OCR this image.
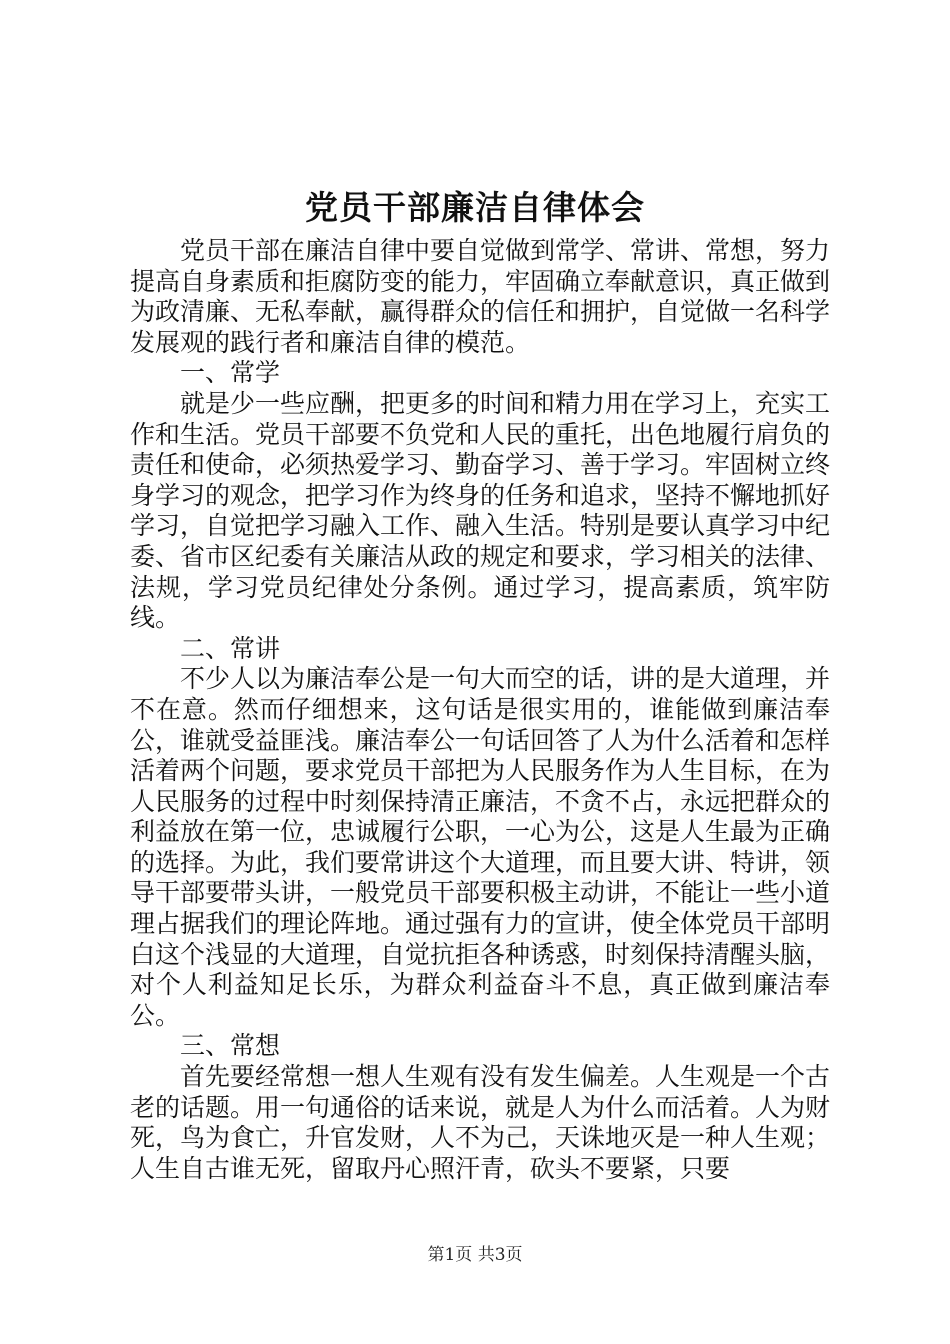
党员干部廉洁自律体会

党员干部在廉洁自律中要自觉做到常学、常讲、常想，努力提高自身素质和拒腐防变的能力，牢固确立奉献意识，真正做到为政清廉、无私奉献，赢得群众的信任和拥护，自觉做一名科学发展观的践行者和廉洁自律的模范。

一、常学

就是少一些应酬，把更多的时间和精力用在学习上，充实工作和生活。党员干部要不负党和人民的重托，出色地履行肩负的责任和使命，必须热爱学习、勤奋学习、善于学习。牢固树立终身学习的观念，把学习作为终身的任务和追求，坚持不懈地抓好学习，自觉把学习融入工作、融入生活。特别是要认真学习中纪委、省市区纪委有关廉洁从政的规定和要求，学习相关的法律、法规，学习党员纪律处分条例。通过学习，提高素质，筑牢防线。

二、常讲

不少人以为廉洁奉公是一句大而空的话，讲的是大道理，并不在意。然而仔细想来，这句话是很实用的，谁能做到廉洁奉公，谁就受益匪浅。廉洁奉公一句话回答了人为什么活着和怎样活着两个问题，要求党员干部把为人民服务作为人生目标，在为人民服务的过程中时刻保持清正廉洁，不贪不占，永远把群众的利益放在第一位，忠诚履行公职，一心为公，这是人生最为正确的选择。为此，我们要常讲这个大道理，而且要大讲、特讲，领导干部要带头讲，一般党员干部要积极主动讲，不能让一些小道理占据我们的理论阵地。通过强有力的宣讲，使全体党员干部明白这个浅显的大道理，自觉抗拒各种诱惑，时刻保持清醒头脑，对个人利益知足长乐，为群众利益奋斗不息，真正做到廉洁奉公。

三、常想

首先要经常想一想人生观有没有发生偏差。人生观是一个古老的话题。用一句通俗的话来说，就是人为什么而活着。人为财死，鸟为食亡，升官发财，人不为己，天诛地灭是一种人生观；人生自古谁无死，留取丹心照汗青，砍头不要紧，只要

第1页 共3页
